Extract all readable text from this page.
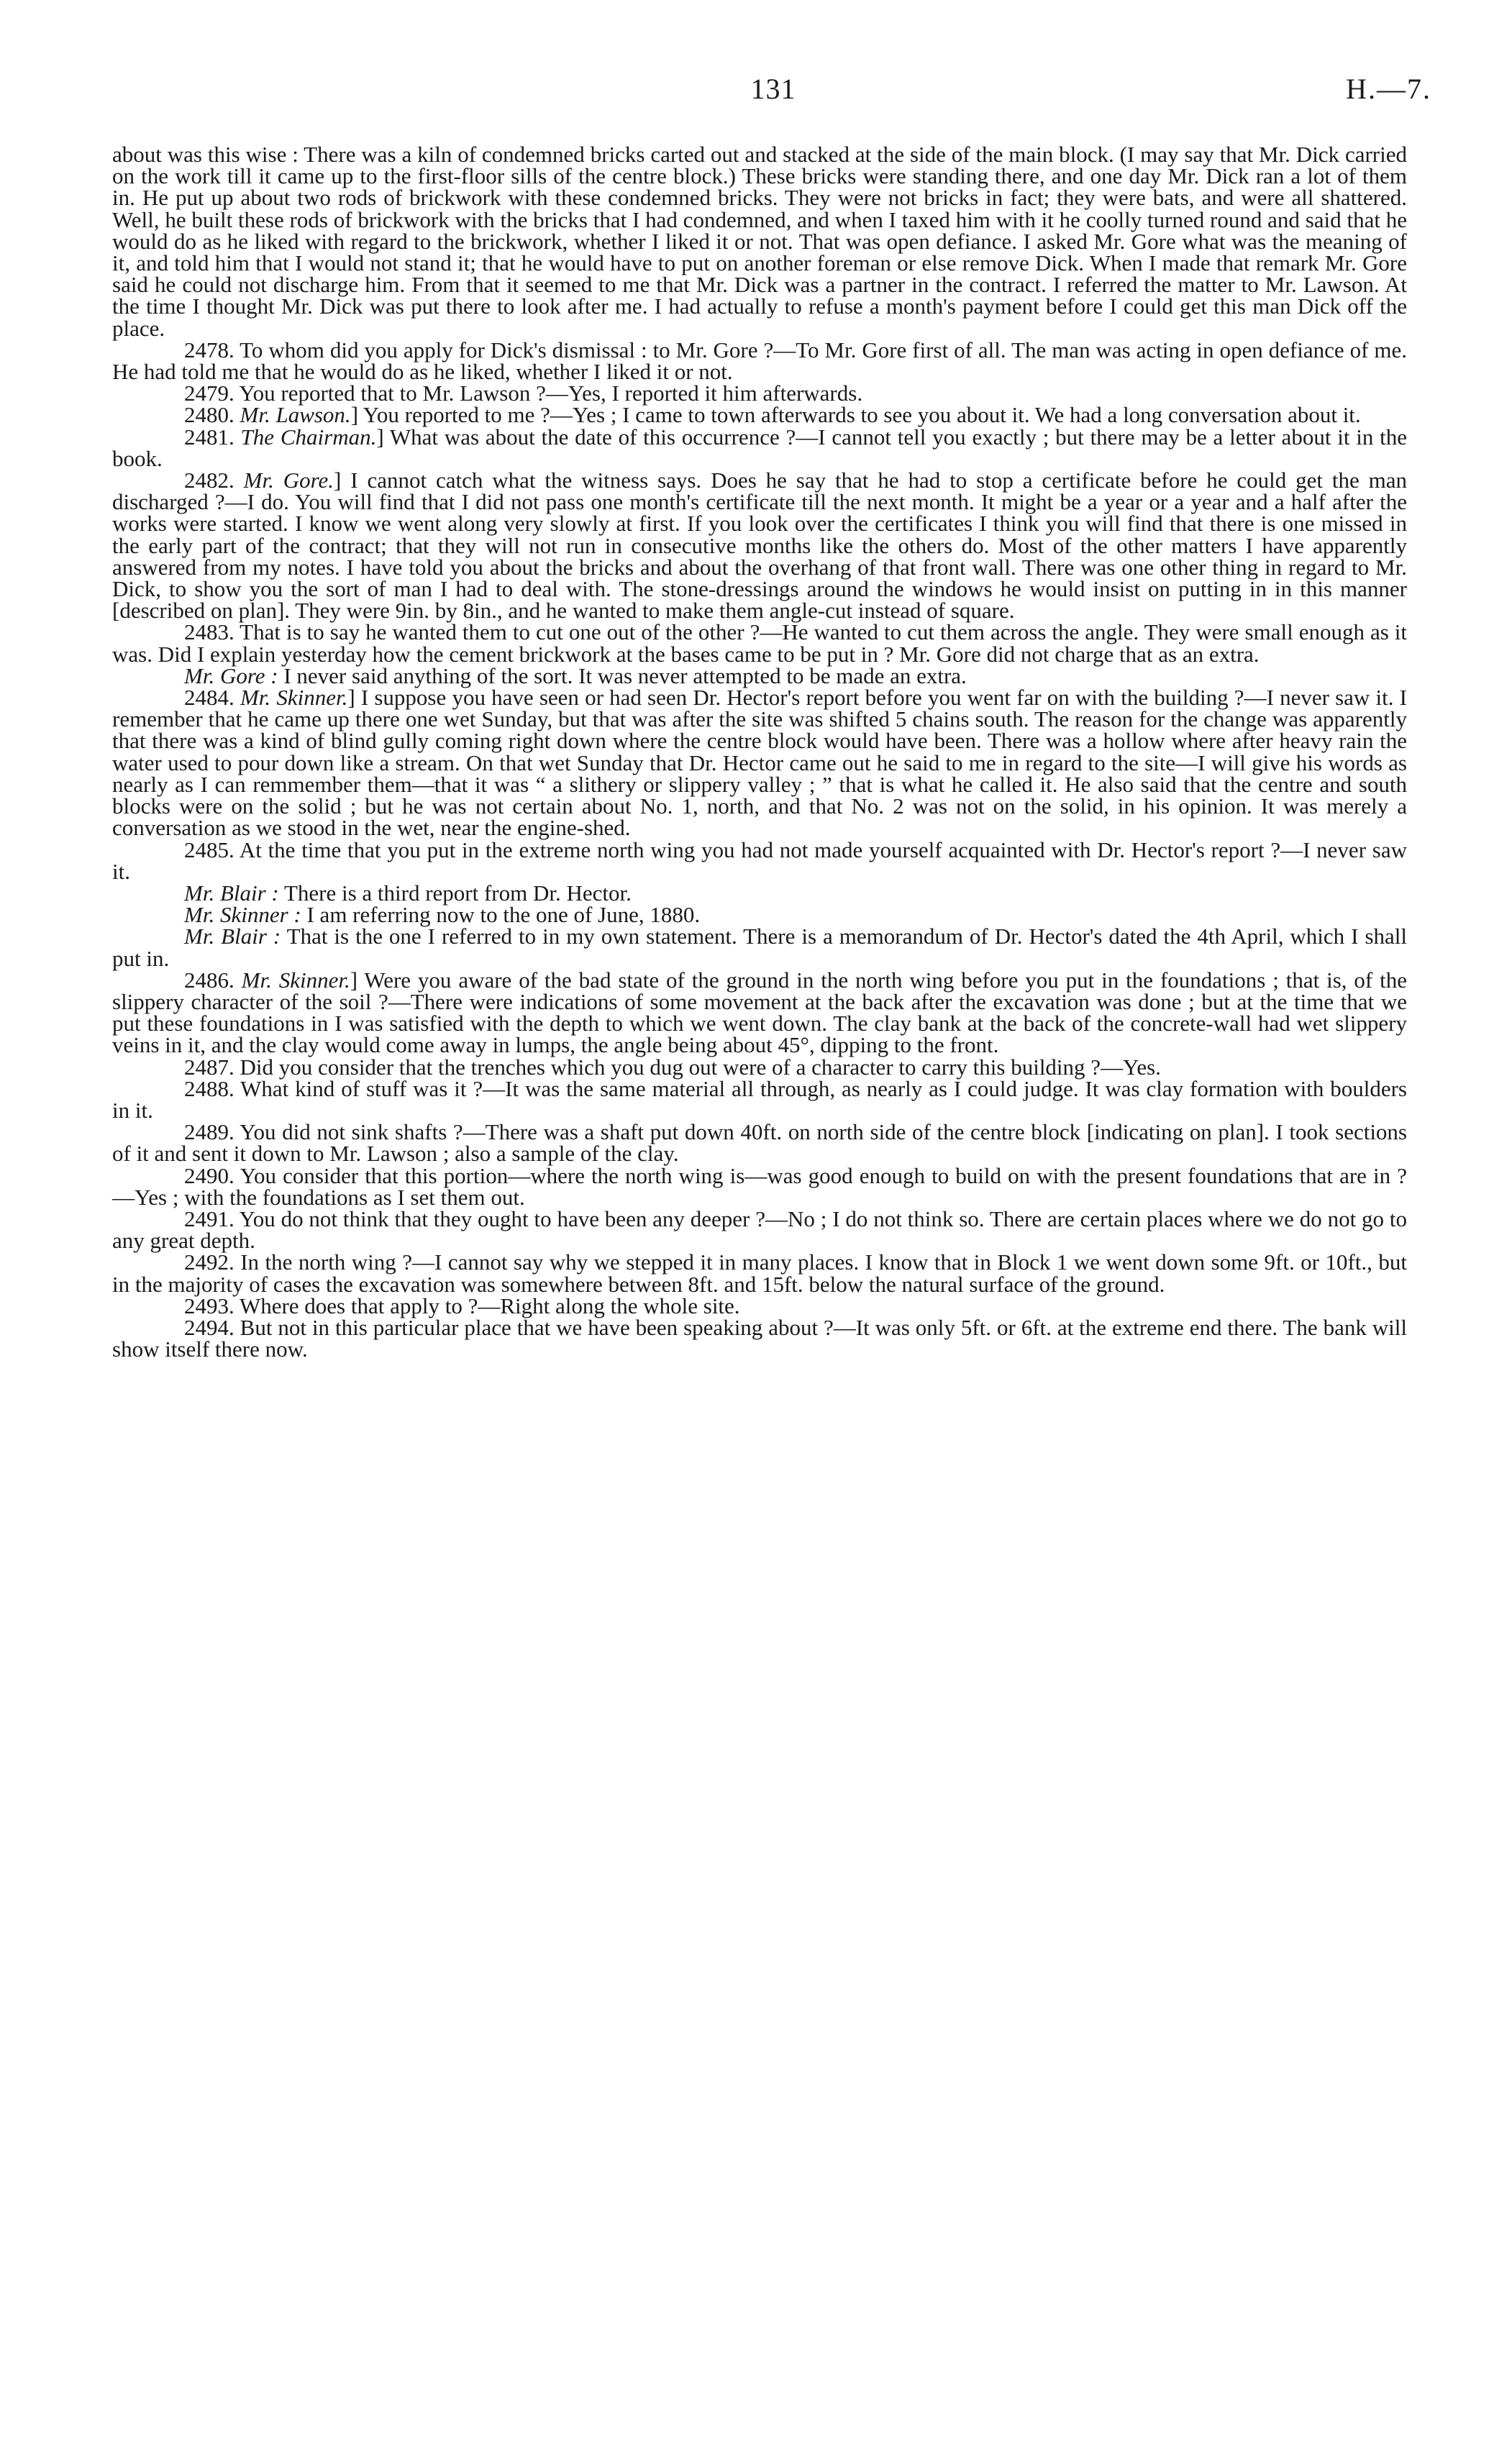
131	H.—7.

about was this wise : There was a kiln of condemned bricks carted out and stacked at the side of the main block. (I may say that Mr. Dick carried on the work till it came up to the first-floor sills of the centre block.) These bricks were standing there, and one day Mr. Dick ran a lot of them in. He put up about two rods of brickwork with these condemned bricks. They were not bricks in fact; they were bats, and were all shattered. Well, he built these rods of brickwork with the bricks that I had condemned, and when I taxed him with it he coolly turned round and said that he would do as he liked with regard to the brickwork, whether I liked it or not. That was open defiance. I asked Mr. Gore what was the meaning of it, and told him that I would not stand it; that he would have to put on another foreman or else remove Dick. When I made that remark Mr. Gore said he could not discharge him. From that it seemed to me that Mr. Dick was a partner in the contract. I referred the matter to Mr. Lawson. At the time I thought Mr. Dick was put there to look after me. I had actually to refuse a month's payment before I could get this man Dick off the place.

2478. To whom did you apply for Dick's dismissal : to Mr. Gore ?—To Mr. Gore first of all. The man was acting in open defiance of me. He had told me that he would do as he liked, whether I liked it or not.

2479. You reported that to Mr. Lawson ?—Yes, I reported it him afterwards.

2480. Mr. Lawson.] You reported to me ?—Yes ; I came to town afterwards to see you about it. We had a long conversation about it.

2481. The Chairman.] What was about the date of this occurrence ?—I cannot tell you exactly ; but there may be a letter about it in the book.

2482. Mr. Gore.] I cannot catch what the witness says. Does he say that he had to stop a certificate before he could get the man discharged ?—I do. You will find that I did not pass one month's certificate till the next month. It might be a year or a year and a half after the works were started. I know we went along very slowly at first. If you look over the certificates I think you will find that there is one missed in the early part of the contract; that they will not run in consecutive months like the others do. Most of the other matters I have apparently answered from my notes. I have told you about the bricks and about the overhang of that front wall. There was one other thing in regard to Mr. Dick, to show you the sort of man I had to deal with. The stone-dressings around the windows he would insist on putting in in this manner [described on plan]. They were 9in. by 8in., and he wanted to make them angle-cut instead of square.

2483. That is to say he wanted them to cut one out of the other ?—He wanted to cut them across the angle. They were small enough as it was. Did I explain yesterday how the cement brickwork at the bases came to be put in ? Mr. Gore did not charge that as an extra.

Mr. Gore : I never said anything of the sort. It was never attempted to be made an extra.

2484. Mr. Skinner.] I suppose you have seen or had seen Dr. Hector's report before you went far on with the building ?—I never saw it. I remember that he came up there one wet Sunday, but that was after the site was shifted 5 chains south. The reason for the change was apparently that there was a kind of blind gully coming right down where the centre block would have been. There was a hollow where after heavy rain the water used to pour down like a stream. On that wet Sunday that Dr. Hector came out he said to me in regard to the site—I will give his words as nearly as I can remmember them—that it was “ a slithery or slippery valley ; ” that is what he called it. He also said that the centre and south blocks were on the solid ; but he was not certain about No. 1, north, and that No. 2 was not on the solid, in his opinion. It was merely a conversation as we stood in the wet, near the engine-shed.

2485. At the time that you put in the extreme north wing you had not made yourself acquainted with Dr. Hector's report ?—I never saw it.

Mr. Blair : There is a third report from Dr. Hector.

Mr. Skinner : I am referring now to the one of June, 1880.

Mr. Blair : That is the one I referred to in my own statement. There is a memorandum of Dr. Hector's dated the 4th April, which I shall put in.

2486. Mr. Skinner.] Were you aware of the bad state of the ground in the north wing before you put in the foundations ; that is, of the slippery character of the soil ?—There were indications of some movement at the back after the excavation was done ; but at the time that we put these foundations in I was satisfied with the depth to which we went down. The clay bank at the back of the concrete-wall had wet slippery veins in it, and the clay would come away in lumps, the angle being about 45°, dipping to the front.

2487. Did you consider that the trenches which you dug out were of a character to carry this building ?—Yes.

2488. What kind of stuff was it ?—It was the same material all through, as nearly as I could judge. It was clay formation with boulders in it.

2489. You did not sink shafts ?—There was a shaft put down 40ft. on north side of the centre block [indicating on plan]. I took sections of it and sent it down to Mr. Lawson ; also a sample of the clay.

2490. You consider that this portion—where the north wing is—was good enough to build on with the present foundations that are in ?—Yes ; with the foundations as I set them out.

2491. You do not think that they ought to have been any deeper ?—No ; I do not think so. There are certain places where we do not go to any great depth.

2492. In the north wing ?—I cannot say why we stepped it in many places. I know that in Block 1 we went down some 9ft. or 10ft., but in the majority of cases the excavation was somewhere between 8ft. and 15ft. below the natural surface of the ground.

2493. Where does that apply to ?—Right along the whole site.

2494. But not in this particular place that we have been speaking about ?—It was only 5ft. or 6ft. at the extreme end there. The bank will show itself there now.
